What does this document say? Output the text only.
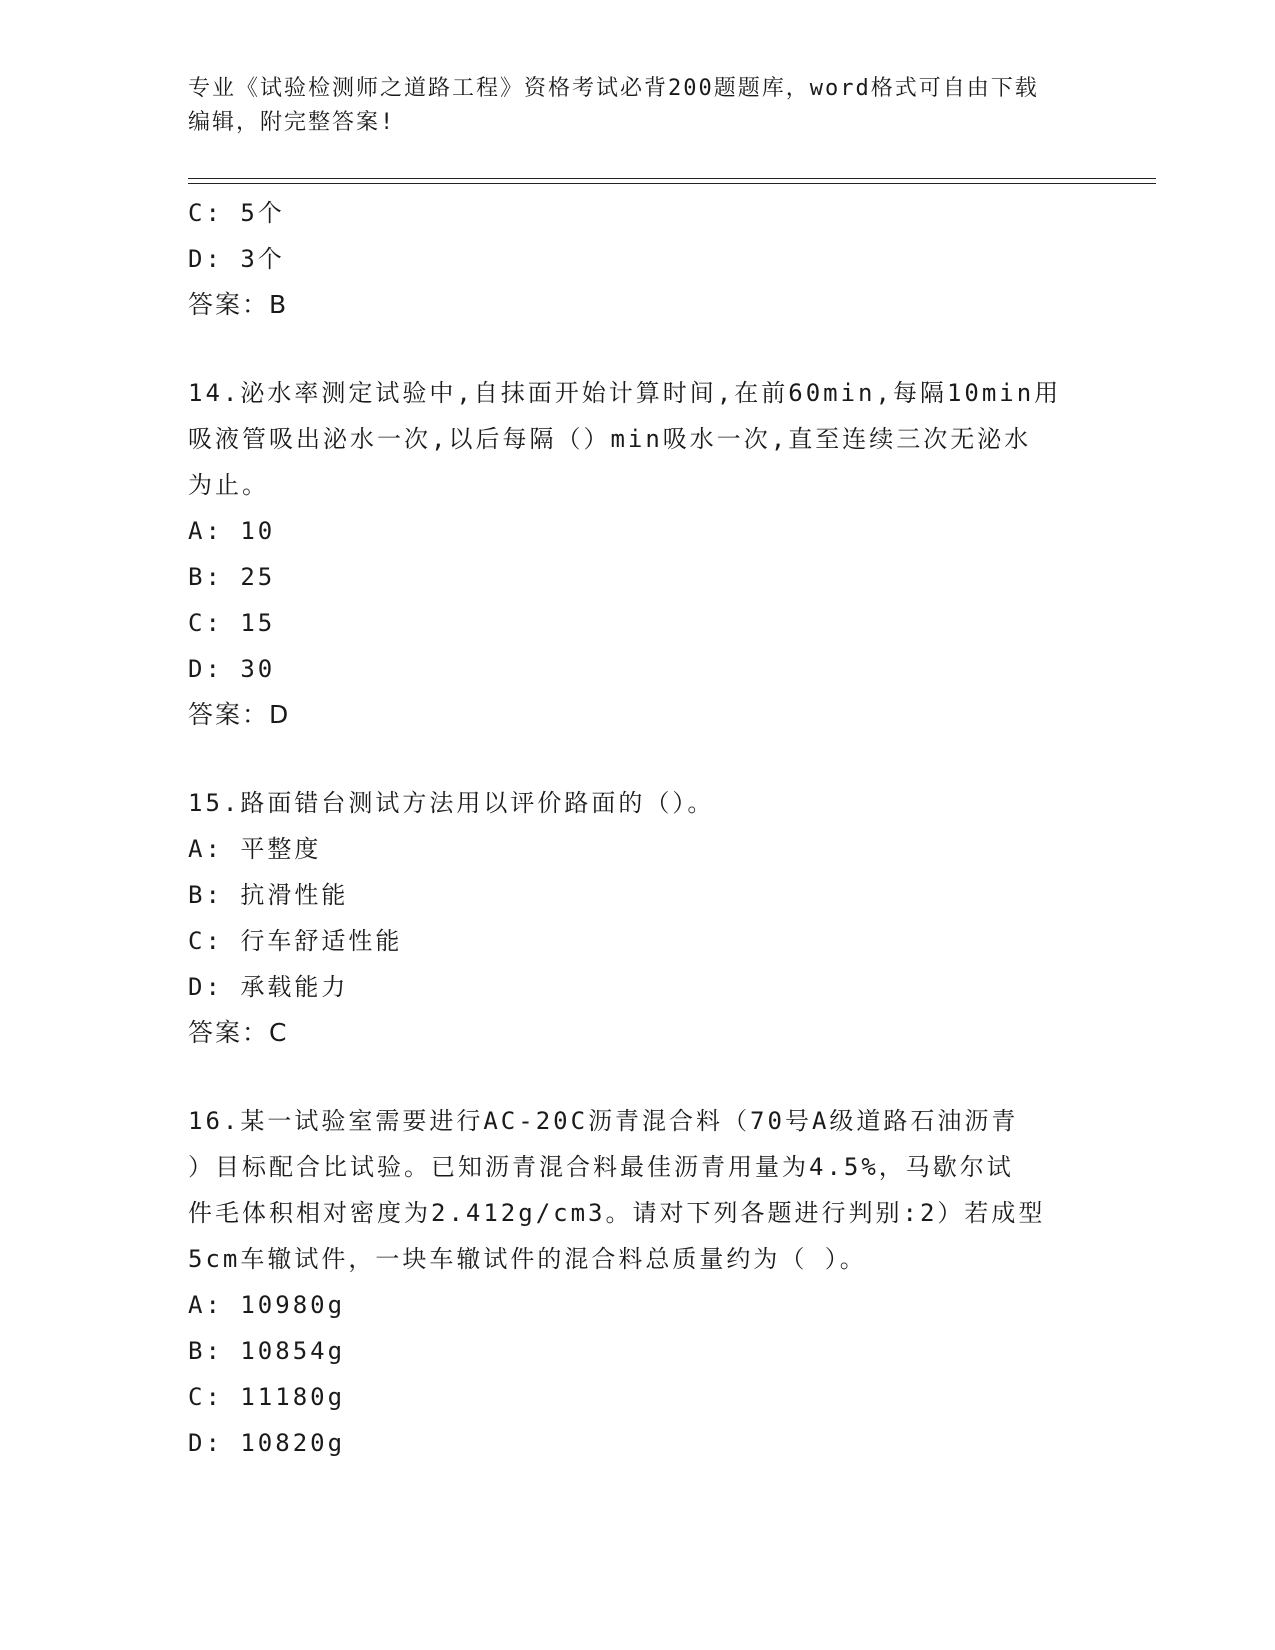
专业《试验检测师之道路工程》资格考试必背200题题库，word格式可自由下载
编辑，附完整答案!
C: 5个
D: 3个
答案：B
14.泌水率测定试验中,自抹面开始计算时间,在前60min,每隔10min用
吸液管吸出泌水一次,以后每隔（）min吸水一次,直至连续三次无泌水
为止。
A: 10
B: 25
C: 15
D: 30
答案：D
15.路面错台测试方法用以评价路面的（）。
A: 平整度
B: 抗滑性能
C: 行车舒适性能
D: 承载能力
答案：C
16.某一试验室需要进行AC-20C沥青混合料（70号A级道路石油沥青
）目标配合比试验。已知沥青混合料最佳沥青用量为4.5%，马歇尔试
件毛体积相对密度为2.412g/cm3。请对下列各题进行判别:2）若成型
5cm车辙试件，一块车辙试件的混合料总质量约为（ ）。
A: 10980g
B: 10854g
C: 11180g
D: 10820g
